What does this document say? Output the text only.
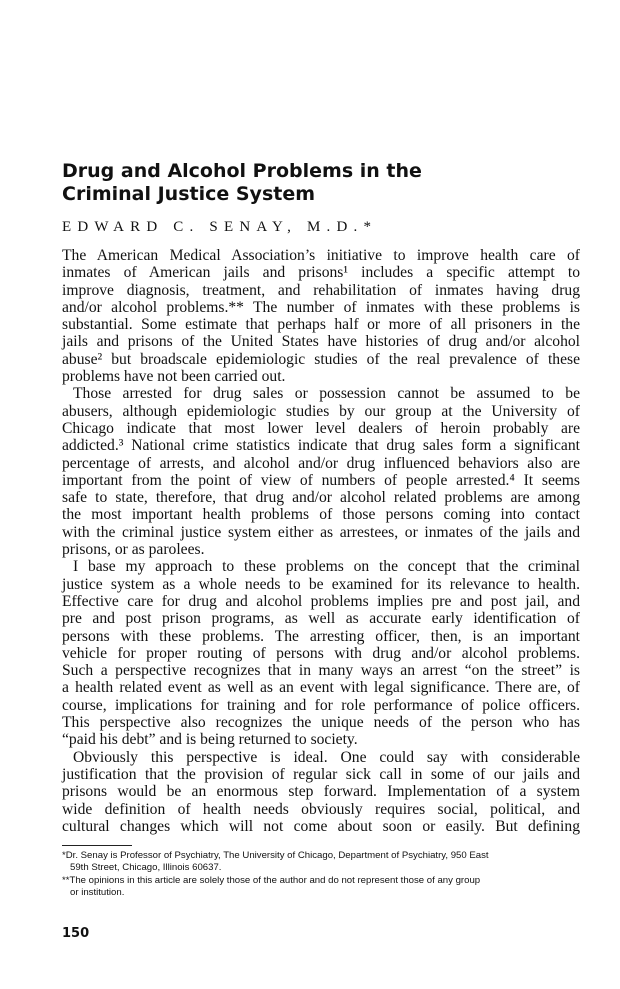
Drug and Alcohol Problems in the
Criminal Justice System
EDWARD C. SENAY, M.D.*
The American Medical Association’s initiative to improve health care of
inmates of American jails and prisons¹ includes a specific attempt to
improve diagnosis, treatment, and rehabilitation of inmates having drug
and/or alcohol problems.** The number of inmates with these problems is
substantial. Some estimate that perhaps half or more of all prisoners in the
jails and prisons of the United States have histories of drug and/or alcohol
abuse² but broadscale epidemiologic studies of the real prevalence of these
problems have not been carried out.
Those arrested for drug sales or possession cannot be assumed to be
abusers, although epidemiologic studies by our group at the University of
Chicago indicate that most lower level dealers of heroin probably are
addicted.³ National crime statistics indicate that drug sales form a significant
percentage of arrests, and alcohol and/or drug influenced behaviors also are
important from the point of view of numbers of people arrested.⁴ It seems
safe to state, therefore, that drug and/or alcohol related problems are among
the most important health problems of those persons coming into contact
with the criminal justice system either as arrestees, or inmates of the jails and
prisons, or as parolees.
I base my approach to these problems on the concept that the criminal
justice system as a whole needs to be examined for its relevance to health.
Effective care for drug and alcohol problems implies pre and post jail, and
pre and post prison programs, as well as accurate early identification of
persons with these problems. The arresting officer, then, is an important
vehicle for proper routing of persons with drug and/or alcohol problems.
Such a perspective recognizes that in many ways an arrest “on the street” is
a health related event as well as an event with legal significance. There are, of
course, implications for training and for role performance of police officers.
This perspective also recognizes the unique needs of the person who has
“paid his debt” and is being returned to society.
Obviously this perspective is ideal. One could say with considerable
justification that the provision of regular sick call in some of our jails and
prisons would be an enormous step forward. Implementation of a system
wide definition of health needs obviously requires social, political, and
cultural changes which will not come about soon or easily. But defining
*Dr. Senay is Professor of Psychiatry, The University of Chicago, Department of Psychiatry, 950 East
59th Street, Chicago, Illinois 60637.
**The opinions in this article are solely those of the author and do not represent those of any group
or institution.
150
